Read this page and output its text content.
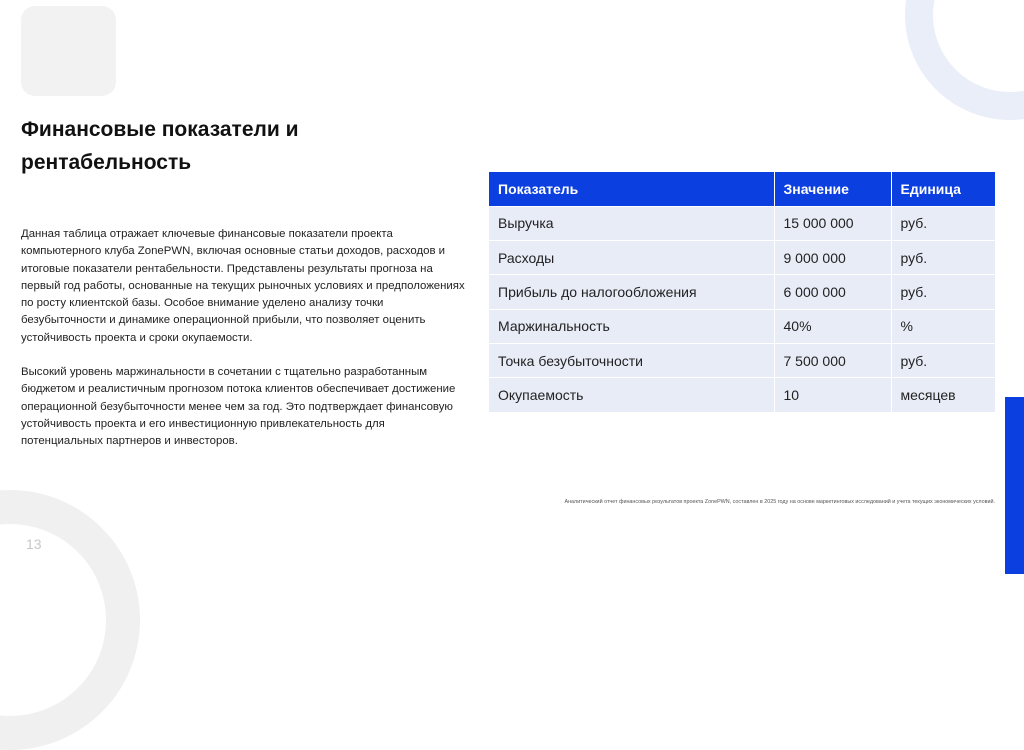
Финансовые показатели и рентабельность

Данная таблица отражает ключевые финансовые показатели проекта компьютерного клуба ZonePWN, включая основные статьи доходов, расходов и итоговые показатели рентабельности. Представлены результаты прогноза на первый год работы, основанные на текущих рыночных условиях и предположениях по росту клиентской базы. Особое внимание уделено анализу точки безубыточности и динамике операционной прибыли, что позволяет оценить устойчивость проекта и сроки окупаемости.

Высокий уровень маржинальности в сочетании с тщательно разработанным бюджетом и реалистичным прогнозом потока клиентов обеспечивает достижение операционной безубыточности менее чем за год. Это подтверждает финансовую устойчивость проекта и его инвестиционную привлекательность для потенциальных партнеров и инвесторов.

Показатель	Значение	Единица
Выручка	15 000 000	руб.
Расходы	9 000 000	руб.
Прибыль до налогообложения	6 000 000	руб.
Маржинальность	40%	%
Точка безубыточности	7 500 000	руб.
Окупаемость	10	месяцев
Аналитический отчет финансовых результатов проекта ZonePWN, составлен в 2025 году на основе маркетинговых исследований и учета текущих экономических условий.
13
